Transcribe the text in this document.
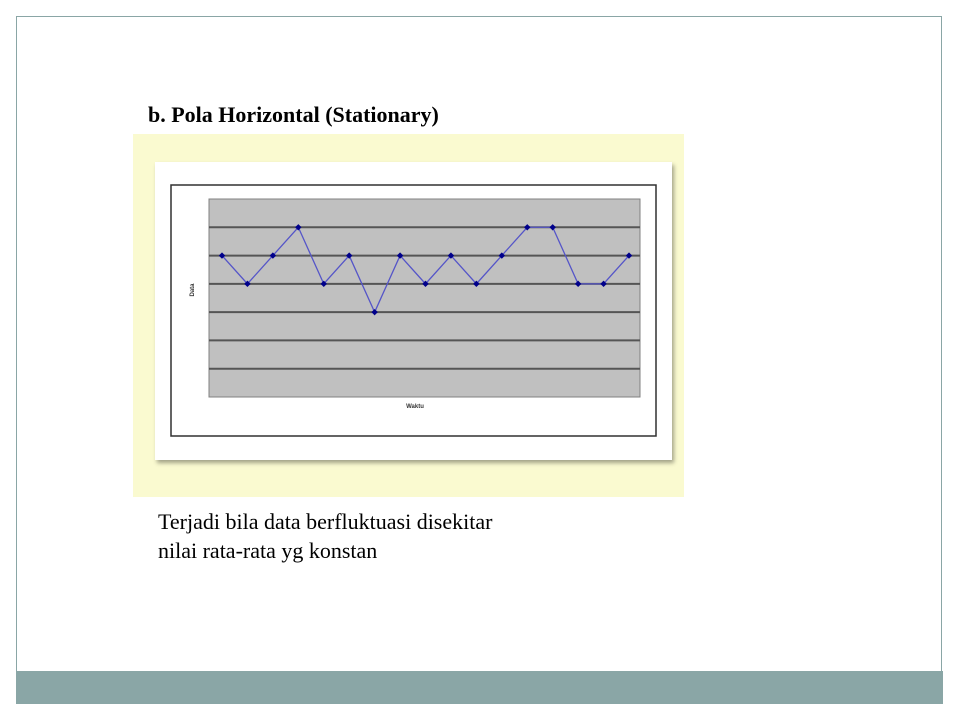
b. Pola Horizontal (Stationary)
Data
Waktu

Terjadi bila data berfluktuasi disekitar
nilai rata-rata yg konstan
